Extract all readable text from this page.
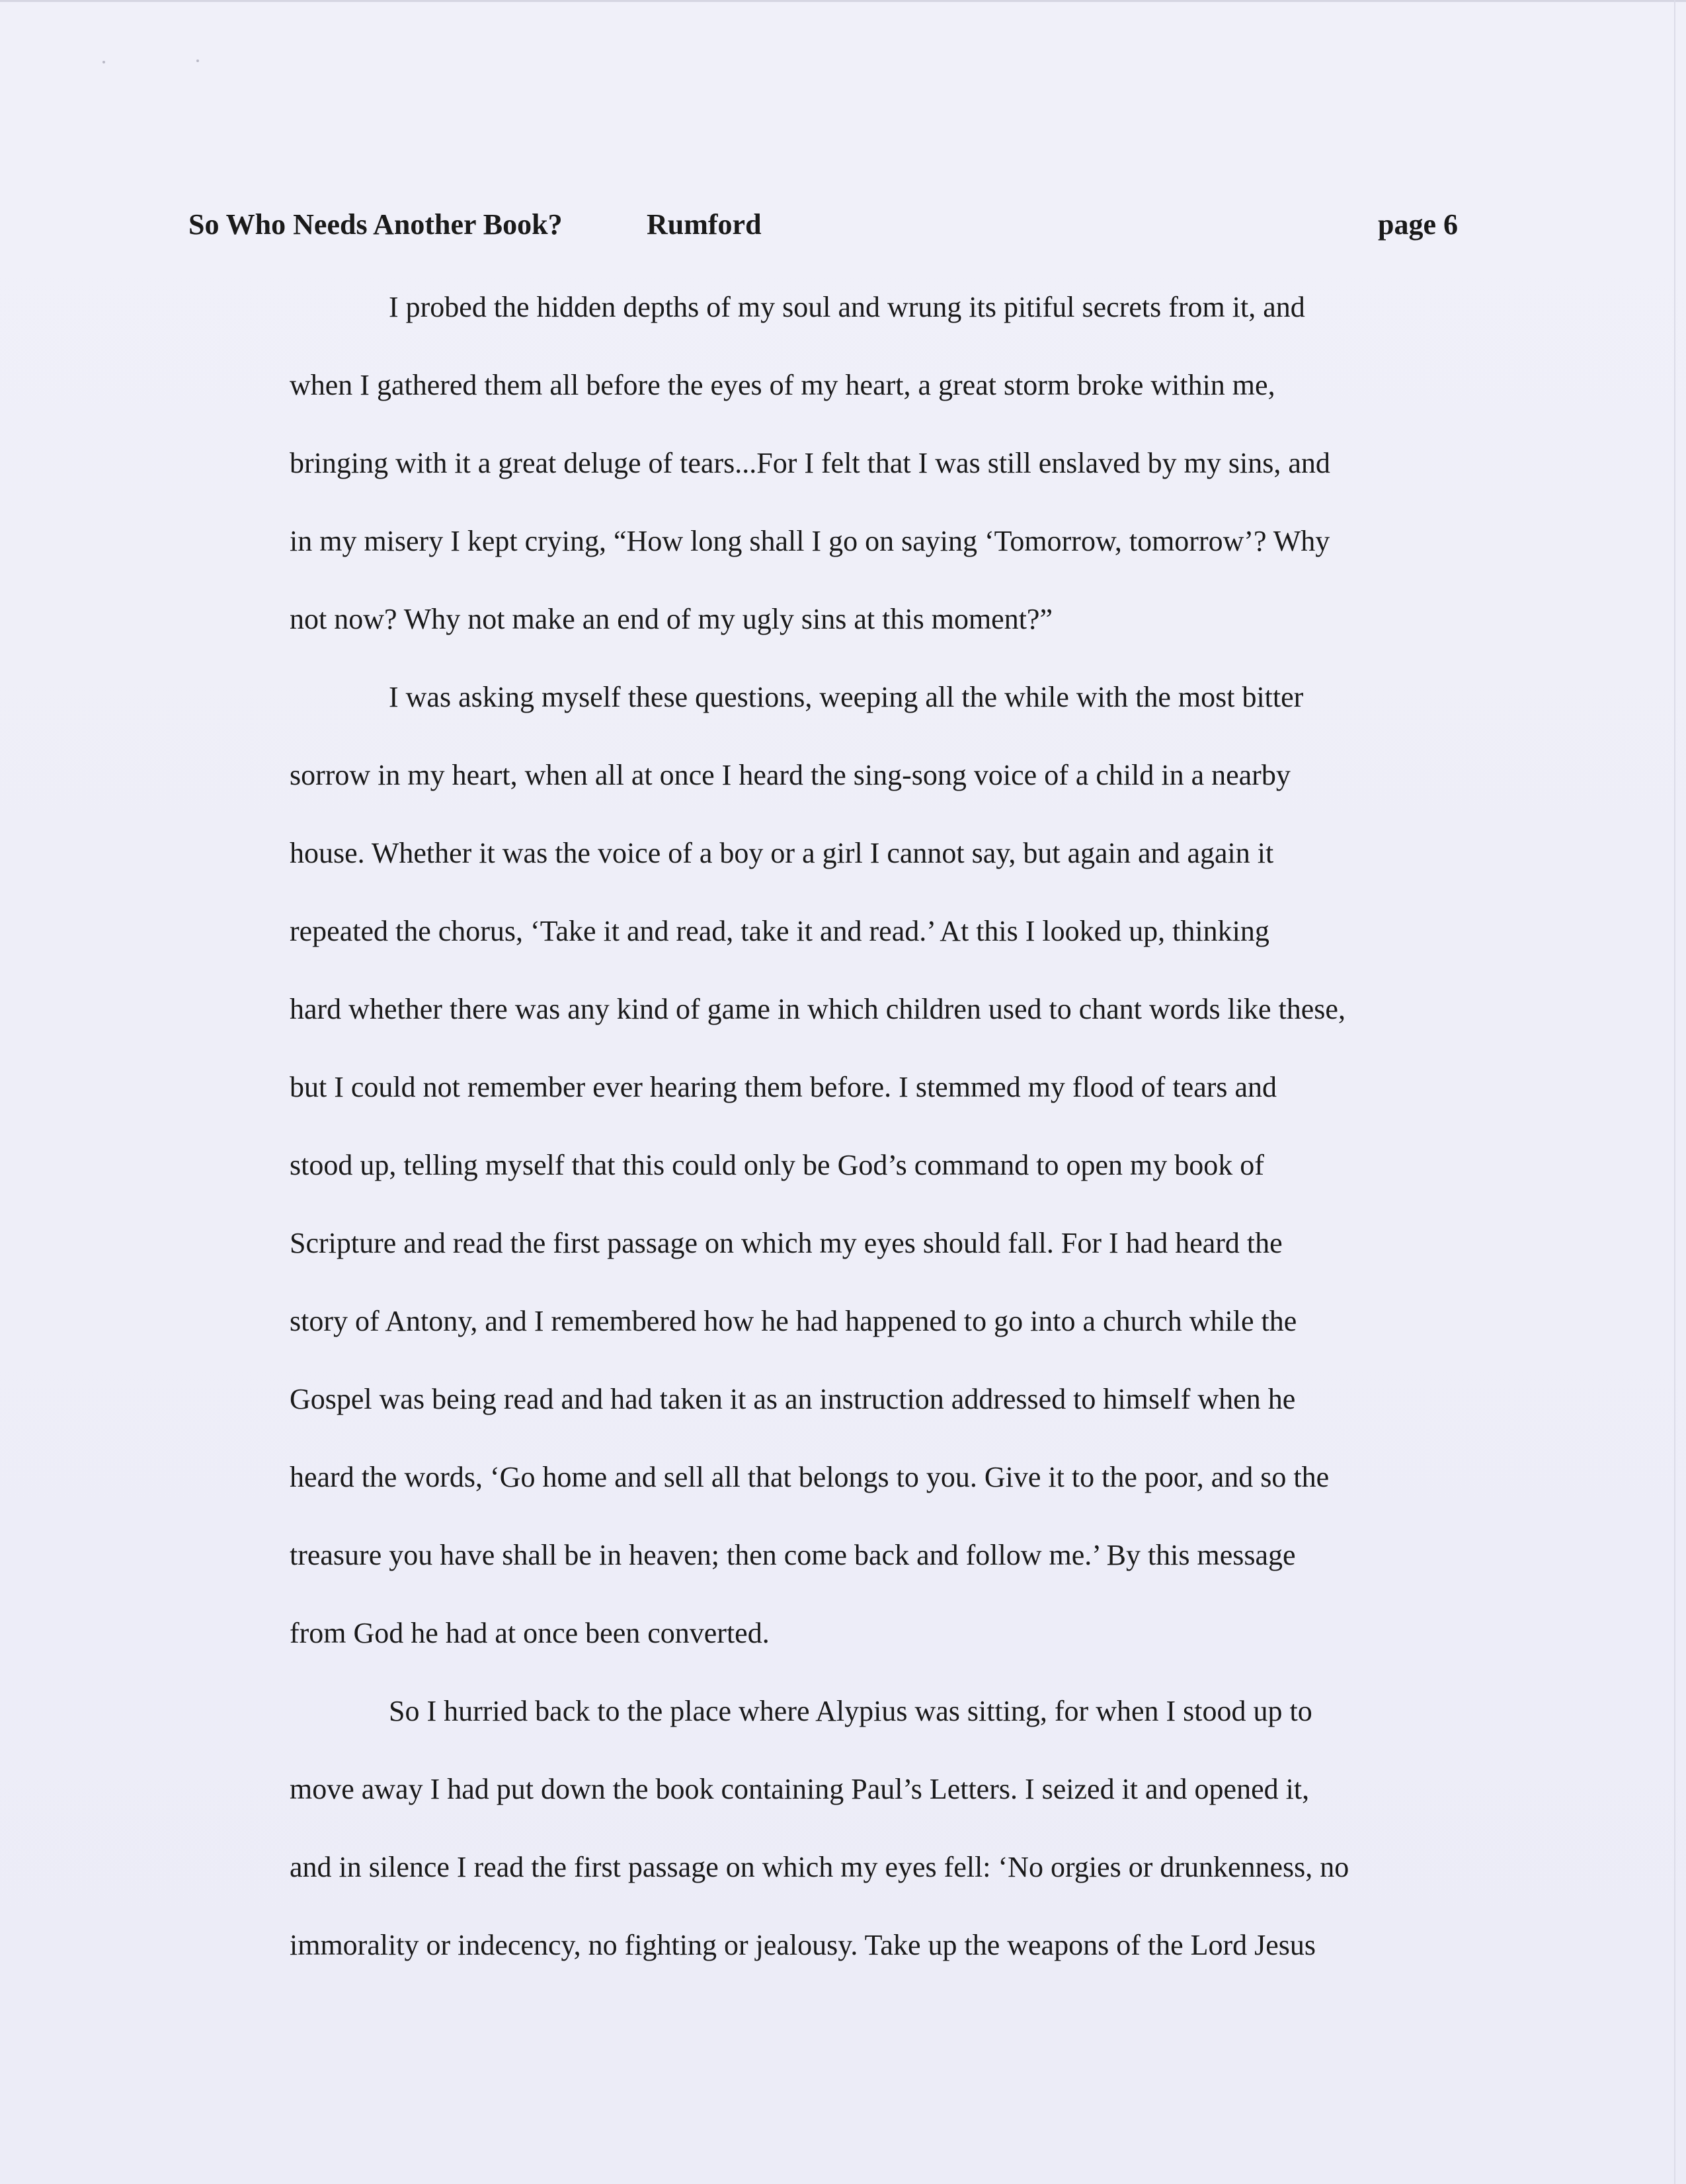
So Who Needs Another Book?	Rumford	page 6
I probed the hidden depths of my soul and wrung its pitiful secrets from it, and
when I gathered them all before the eyes of my heart, a great storm broke within me,
bringing with it a great deluge of tears...For I felt that I was still enslaved by my sins, and
in my misery I kept crying, “How long shall I go on saying ‘Tomorrow, tomorrow’? Why
not now? Why not make an end of my ugly sins at this moment?”
I was asking myself these questions, weeping all the while with the most bitter
sorrow in my heart, when all at once I heard the sing-song voice of a child in a nearby
house. Whether it was the voice of a boy or a girl I cannot say, but again and again it
repeated the chorus, ‘Take it and read, take it and read.’ At this I looked up, thinking
hard whether there was any kind of game in which children used to chant words like these,
but I could not remember ever hearing them before. I stemmed my flood of tears and
stood up, telling myself that this could only be God’s command to open my book of
Scripture and read the first passage on which my eyes should fall. For I had heard the
story of Antony, and I remembered how he had happened to go into a church while the
Gospel was being read and had taken it as an instruction addressed to himself when he
heard the words, ‘Go home and sell all that belongs to you. Give it to the poor, and so the
treasure you have shall be in heaven; then come back and follow me.’ By this message
from God he had at once been converted.
So I hurried back to the place where Alypius was sitting, for when I stood up to
move away I had put down the book containing Paul’s Letters. I seized it and opened it,
and in silence I read the first passage on which my eyes fell: ‘No orgies or drunkenness, no
immorality or indecency, no fighting or jealousy. Take up the weapons of the Lord Jesus
